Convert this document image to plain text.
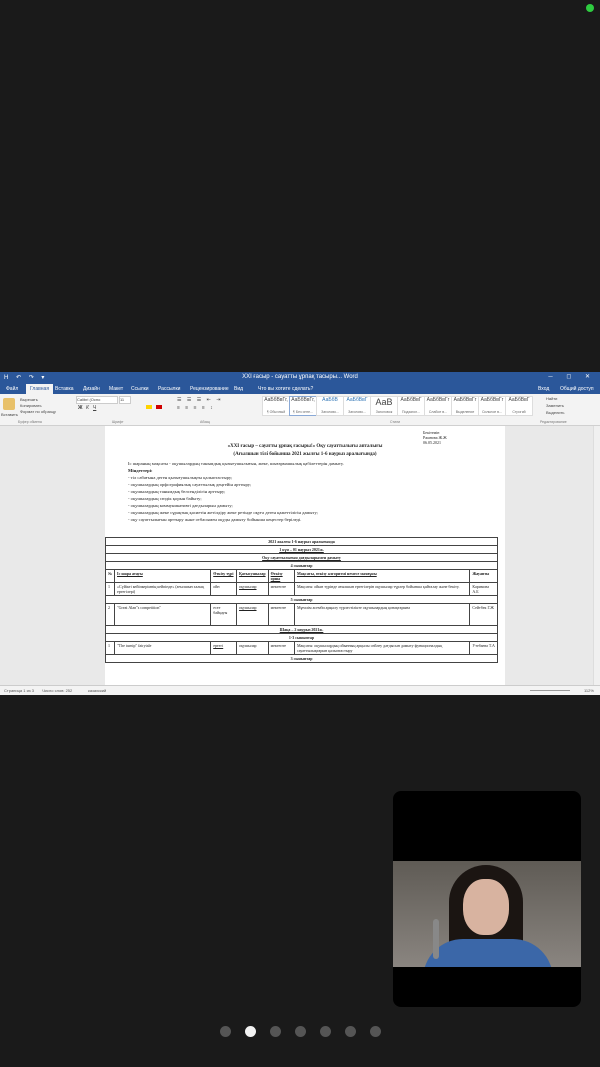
H ↶ ↷ ▾	XXI ғасыр - сауатты ұрпақ тасыры... Word	─ ◻ ✕
Файл	Главная	Вставка Дизайн Макет Ссылки Рассылки Рецензирование Вид	Что вы хотите сделать?	Вход Общий доступ
Вставить
Вырезать
Копировать
Формат по образцу
Calibri (Осно	11
Ж К Ч
☰ ☰ ☰ ⇤ ⇥
≡ ≡ ≡ ≡ ↕
АаБбВвГг,
¶ Обычный
АаБбВвГг,
¶ Без инте...
АаБбВ
Заголово...
АаБбВвГ
Заголово...
АаВ
Заголовок
АаБбВвГ
Подзагол...
АаБбВвГг
Слабое в...
АаБбВвГг
Выделение
АаБбВвГг
Сильное в...
АаБбВвГ
Строгий
Найти
Заменить
Выделить
Буфер обмена	Шрифт	Абзац	Стили	Редактирование
Бекітемін
Ржанова Ж.Ж
06.05.2021
«XXI ғасыр – сауатты ұрпақ ғасыры!» Оқу сауаттылығы апталығы
(Ағылшын тілі бойынша 2021 жылғы 1-6 наурыз аралығында)
Іс шараның мақсаты - оқушылардың танымдық қызығушылығын, жеке, шығармашылық қабілеттерін дамыту.
Міндеттері:
- тіл сабағына деген қызығушылықты қалыптастыру;
- оқушылардың орфографиялық сауаттылық деңгейін арттыру;
- оқушылардың танымдық белсенділігін арттыру;
- оқушылардың сөздік қорын байыту;
- оқушылардың коммуникативті дағдыларын дамыту;
- оқушылардың жеке сұрақтық қасиетін жетілдіру жеке ретінде оқуға деген қажеттілігін дамыту;
- оқу сауаттылығын арттыру және отбасымен оқуды дамыту бойынша кеңестер беріледі.
2021 жылғы 1-6 наурыз аралығында						
1 күн – 01 наурыз 2021ж.						
Оқу сауаттылығын дағдыларымен дамыту						
4 сыныптар						
№	Іс шара атауы	Өткізу түрі	Қатысушылар	Өткізу орны	Мақсаты, өткізу алгоритмі немесе мазмұны	Жауапты
1	«Сүйікті кейіпкерімнің кейпінде» (ағылшын халық ертегілері)	ойн	оқушылар	мектепте	Мақсаты: ойын түрінде ағылшын ертегілерін оқушылар түрлер бойынша қайталау және бекіту.	Каримова А.Б
5 сыныптар						
2	"Great Alan"s competition"	есте байқауы	оқушылар	мектепте	Мұғалім асемби арқылу түрлестілікте оқушылардың қонақтарына	Сейтбек Г.Ж
Шақа – 2 наурыз 2021ж.						
1-3 сыныптар						
1	"The turnip" fairytale	ертегі	оқушылар	мектепте	Мақсаты: оқушылардың ойынның арқылы сөйлеу дағдысын дамыту функционалдық сауаттылықтарын қалыптастыру	Утебаева Т.А
3 сыныптар						
Страница 1 из 3 Число слов: 252	казахский	112%
